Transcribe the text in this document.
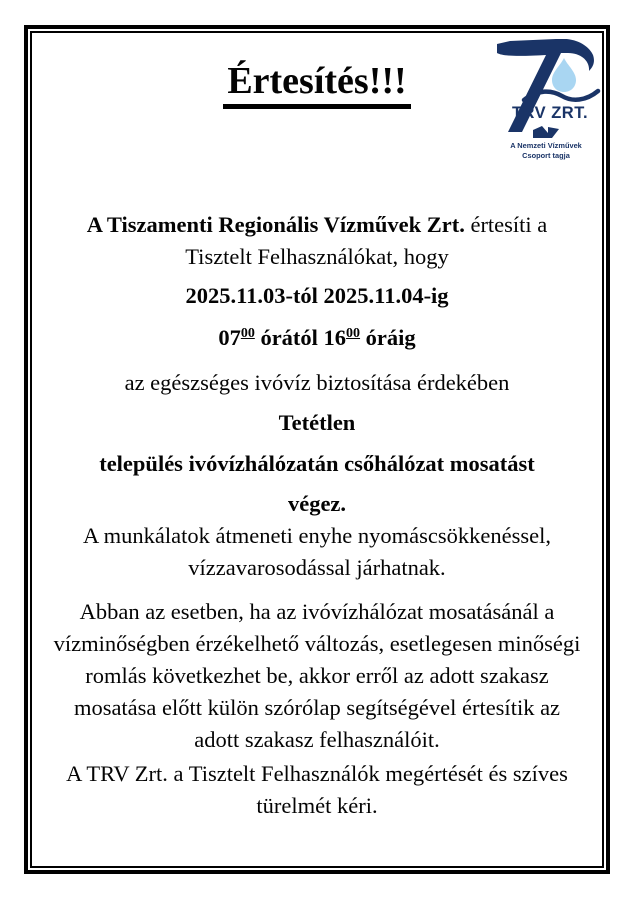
TRV ZRT.
A Nemzeti Vízművek
Csoport tagja
Értesítés!!!

A Tiszamenti Regionális Vízművek Zrt. értesíti a
Tisztelt Felhasználókat, hogy

2025.11.03-tól 2025.11.04-ig

$07^{00}$ órától $16^{00}$ óráig

az egészséges ivóvíz biztosítása érdekében

Tetétlen

település ivóvízhálózatán csőhálózat mosatást

végez.

A munkálatok átmeneti enyhe nyomáscsökkenéssel,
vízzavarosodással járhatnak.

Abban az esetben, ha az ivóvízhálózat mosatásánál a
vízminőségben érzékelhető változás, esetlegesen minőségi
romlás következhet be, akkor erről az adott szakasz
mosatása előtt külön szórólap segítségével értesítik az
adott szakasz felhasználóit.

A TRV Zrt. a Tisztelt Felhasználók megértését és szíves
türelmét kéri.
